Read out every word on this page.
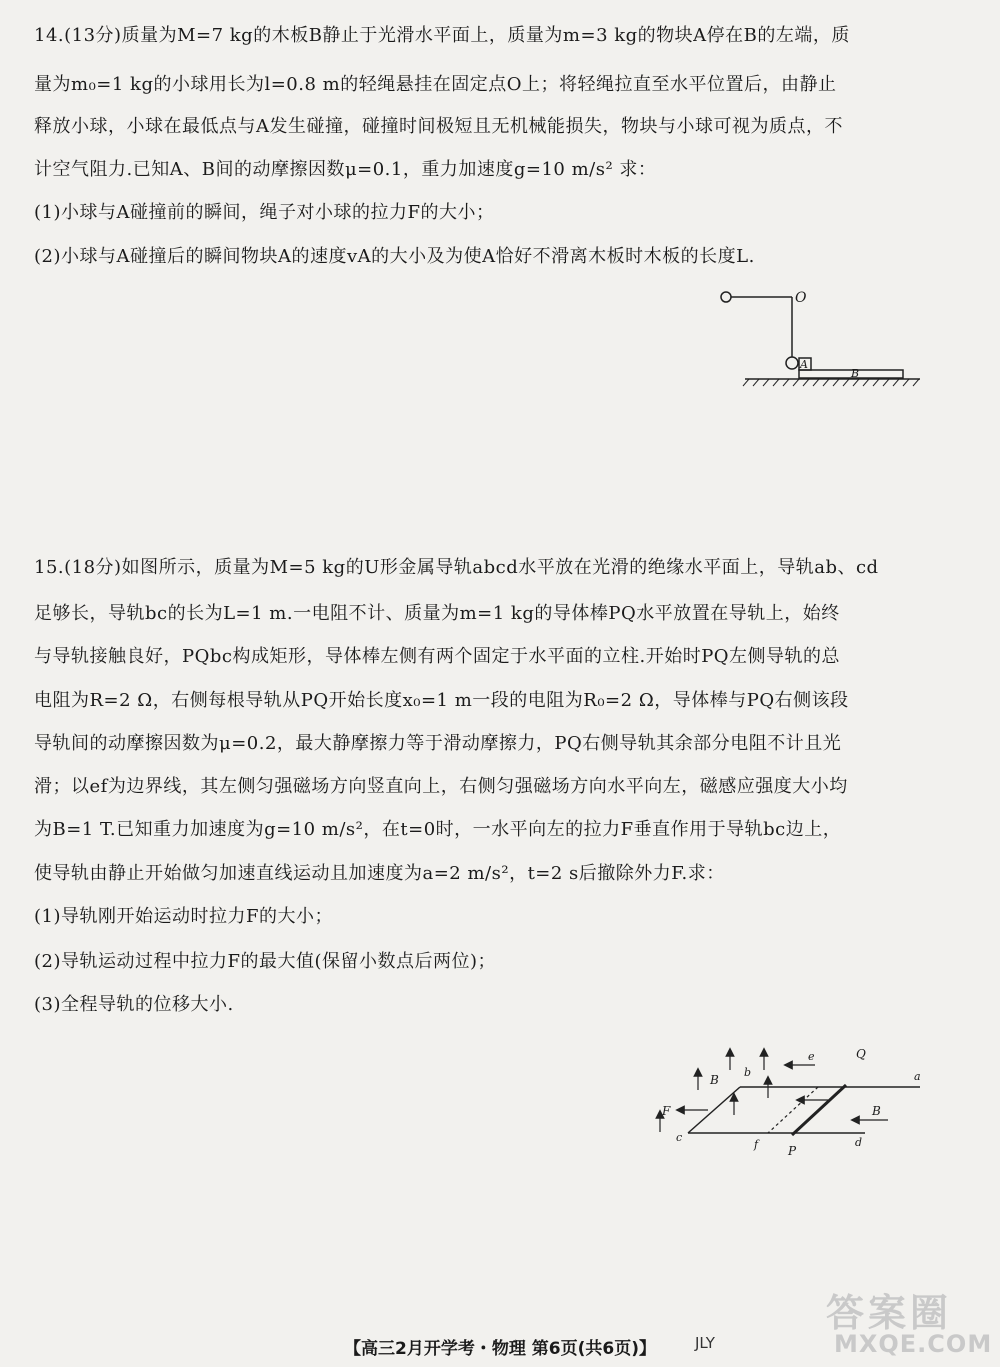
14.(13分)质量为M=7 kg的木板B静止于光滑水平面上，质量为m=3 kg的物块A停在B的左端，质
量为m₀=1 kg的小球用长为l=0.8 m的轻绳悬挂在固定点O上；将轻绳拉直至水平位置后，由静止
释放小球，小球在最低点与A发生碰撞，碰撞时间极短且无机械能损失，物块与小球可视为质点，不
计空气阻力.已知A、B间的动摩擦因数μ=0.1，重力加速度g=10 m/s² 求：
(1)小球与A碰撞前的瞬间，绳子对小球的拉力F的大小；
(2)小球与A碰撞后的瞬间物块A的速度vA的大小及为使A恰好不滑离木板时木板的长度L.
O
A
B
15.(18分)如图所示，质量为M=5 kg的U形金属导轨abcd水平放在光滑的绝缘水平面上，导轨ab、cd
足够长，导轨bc的长为L=1 m.一电阻不计、质量为m=1 kg的导体棒PQ水平放置在导轨上，始终
与导轨接触良好，PQbc构成矩形，导体棒左侧有两个固定于水平面的立柱.开始时PQ左侧导轨的总
电阻为R=2 Ω，右侧每根导轨从PQ开始长度x₀=1 m一段的电阻为R₀=2 Ω，导体棒与PQ右侧该段
导轨间的动摩擦因数为μ=0.2，最大静摩擦力等于滑动摩擦力，PQ右侧导轨其余部分电阻不计且光
滑；以ef为边界线，其左侧匀强磁场方向竖直向上，右侧匀强磁场方向水平向左，磁感应强度大小均
为B=1 T.已知重力加速度为g=10 m/s²，在t=0时，一水平向左的拉力F垂直作用于导轨bc边上，
使导轨由静止开始做匀加速直线运动且加速度为a=2 m/s²，t=2 s后撤除外力F.求：
(1)导轨刚开始运动时拉力F的大小；
(2)导轨运动过程中拉力F的最大值(保留小数点后两位)；
(3)全程导轨的位移大小.
F
B
B
b
c
e
f
Q
P
a
d
【高三2月开学考・物理 第6页(共6页)】	JLY
答案圈
MXQE.COM
